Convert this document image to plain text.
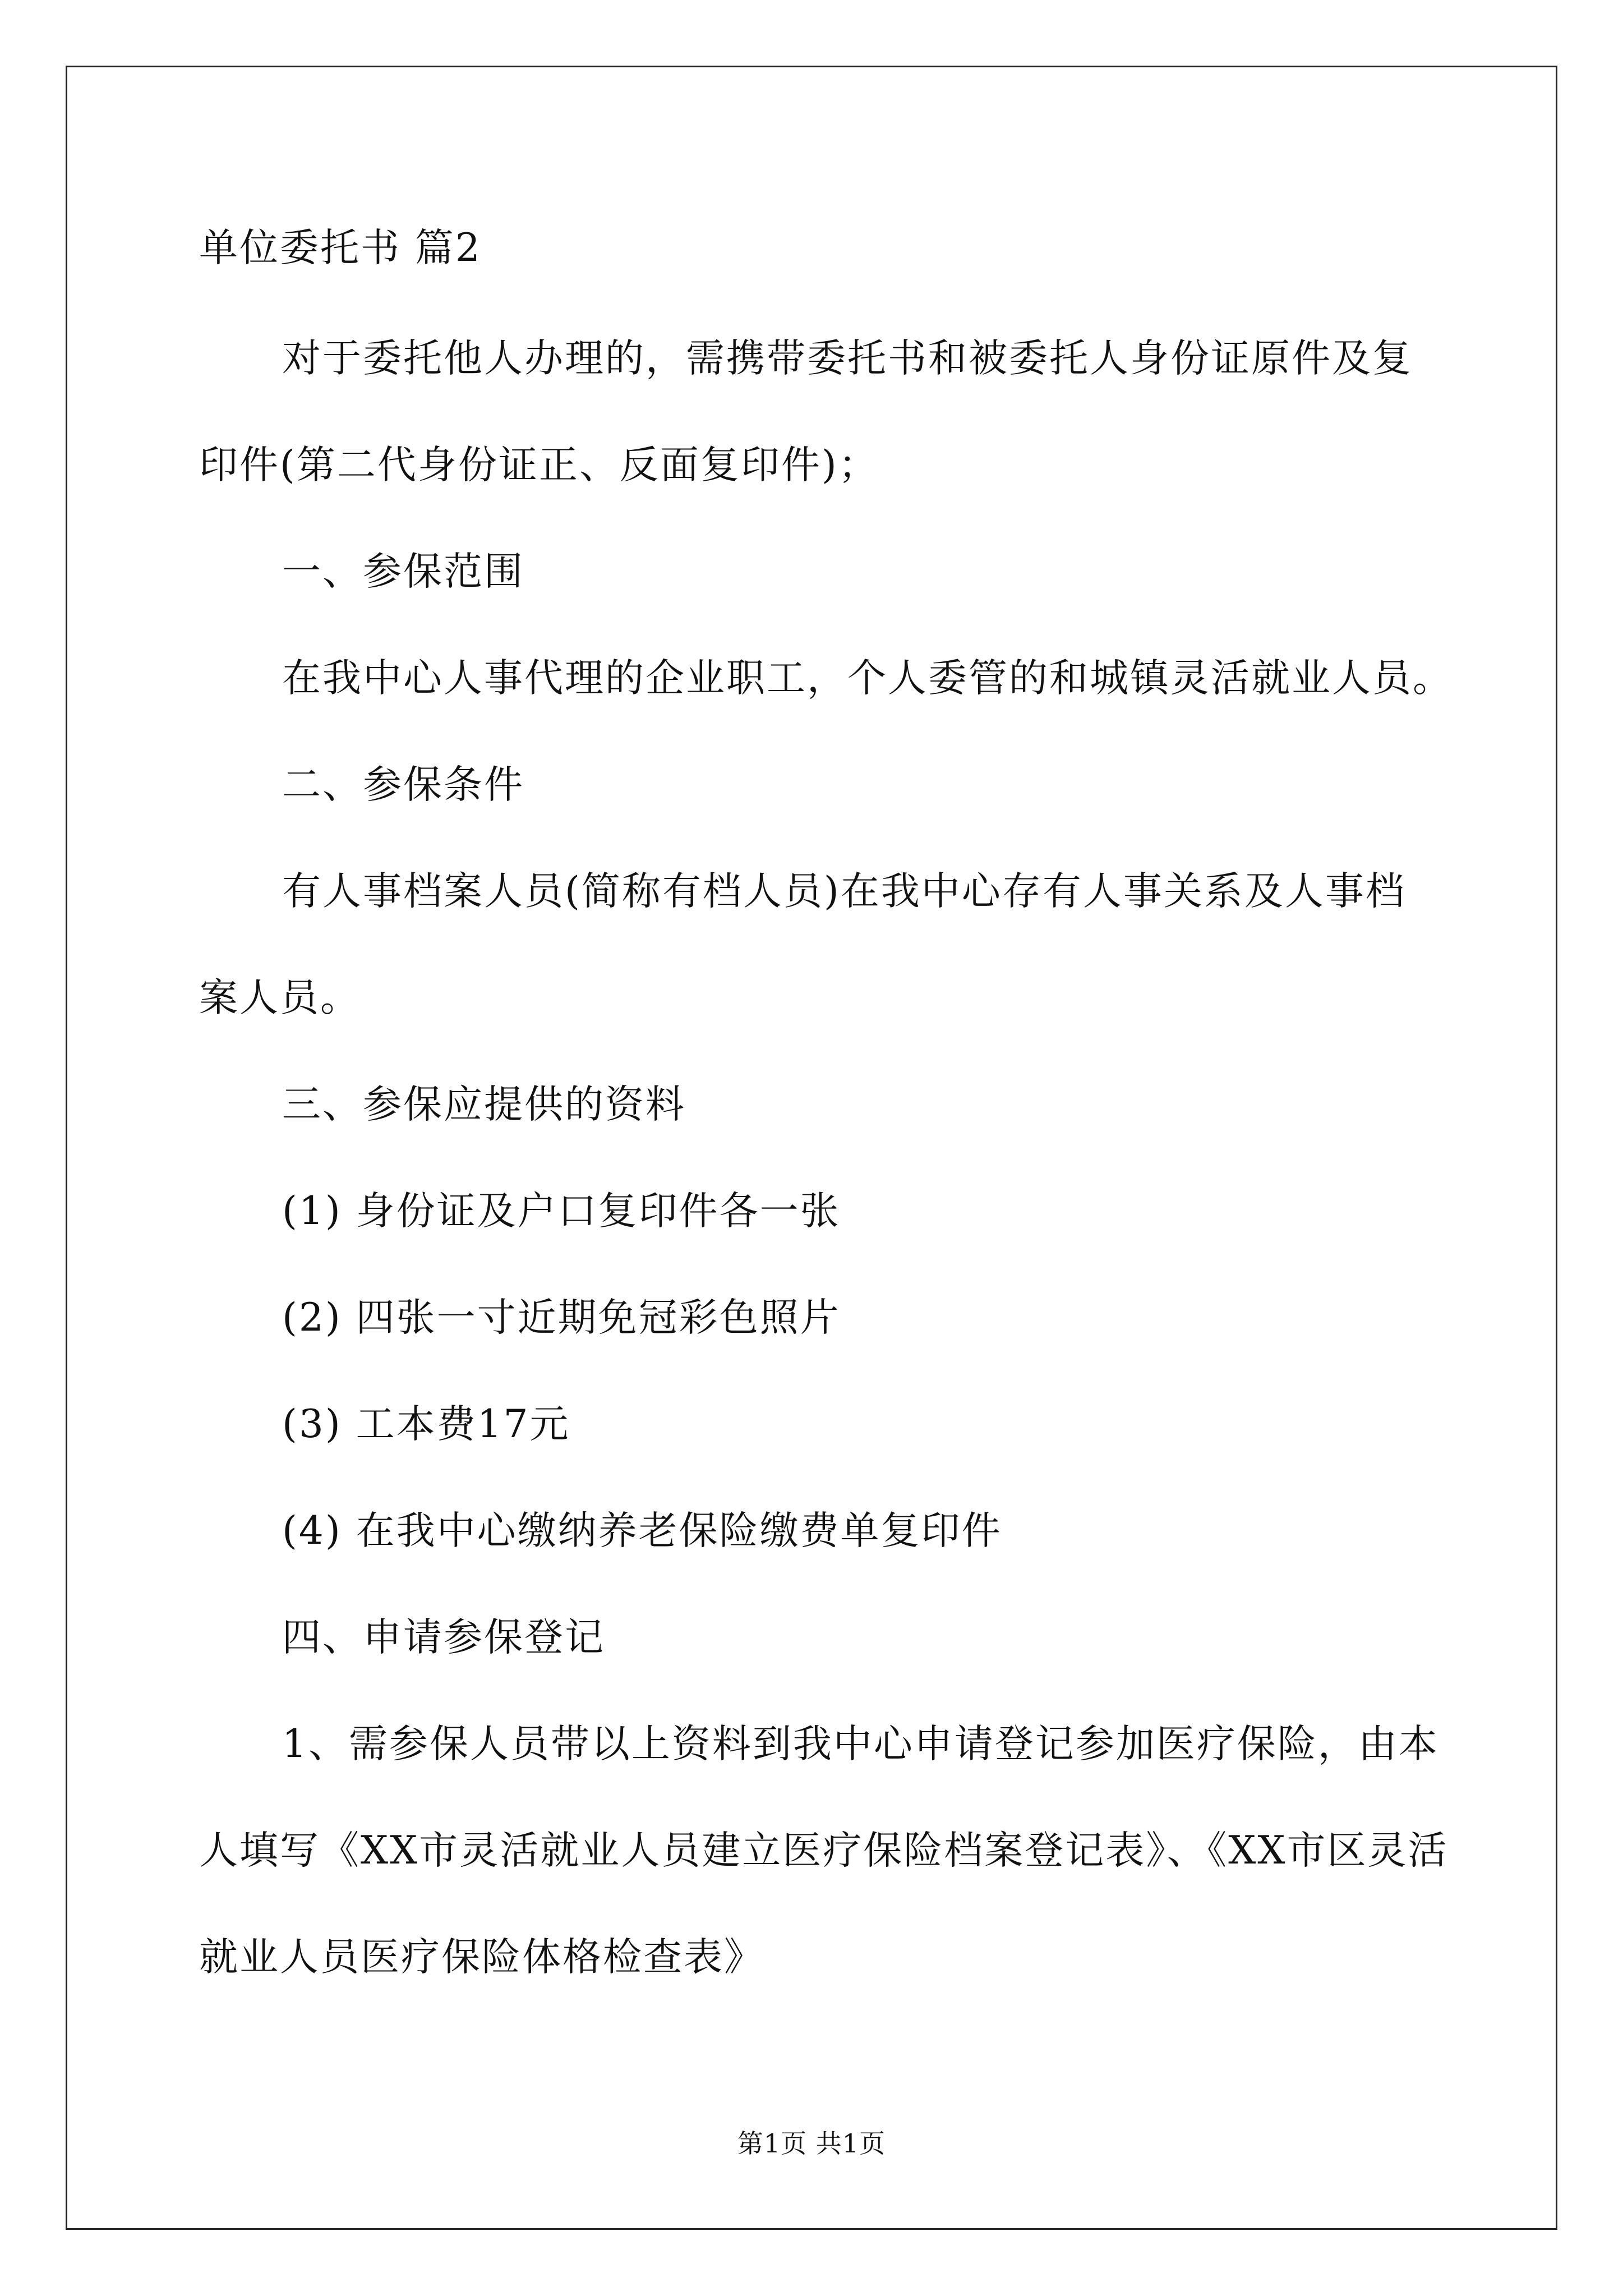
单位委托书 篇2
对于委托他人办理的，需携带委托书和被委托人身份证原件及复
印件(第二代身份证正、反面复印件)；
一、参保范围
在我中心人事代理的企业职工，个人委管的和城镇灵活就业人员。
二、参保条件
有人事档案人员(简称有档人员)在我中心存有人事关系及人事档
案人员。
三、参保应提供的资料
(1) 身份证及户口复印件各一张
(2) 四张一寸近期免冠彩色照片
(3) 工本费17元
(4) 在我中心缴纳养老保险缴费单复印件
四、申请参保登记
1、需参保人员带以上资料到我中心申请登记参加医疗保险，由本
人填写《XX市灵活就业人员建立医疗保险档案登记表》、《XX市区灵活
就业人员医疗保险体格检查表》
第1页 共1页
